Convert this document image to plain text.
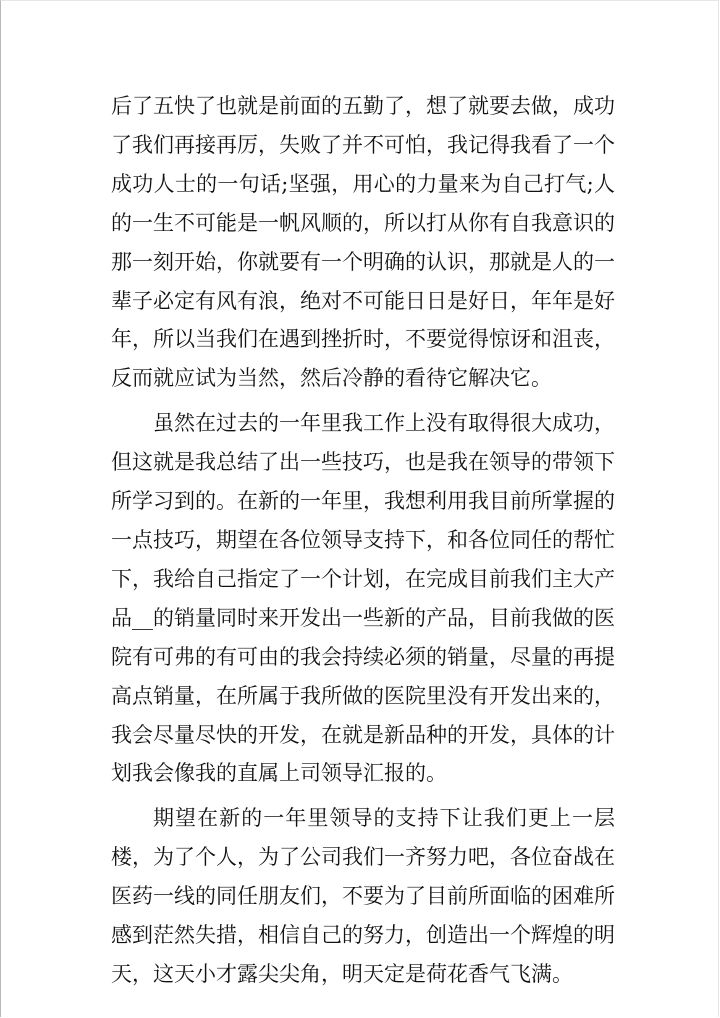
后了五快了也就是前面的五勤了，想了就要去做，成功了我们再接再厉，失败了并不可怕，我记得我看了一个成功人士的一句话;坚强，用心的力量来为自己打气;人的一生不可能是一帆风顺的，所以打从你有自我意识的那一刻开始，你就要有一个明确的认识，那就是人的一辈子必定有风有浪，绝对不可能日日是好日，年年是好年，所以当我们在遇到挫折时，不要觉得惊讶和沮丧，反而就应试为当然，然后冷静的看待它解决它。

虽然在过去的一年里我工作上没有取得很大成功，但这就是我总结了出一些技巧，也是我在领导的带领下所学习到的。在新的一年里，我想利用我目前所掌握的一点技巧，期望在各位领导支持下，和各位同任的帮忙下，我给自己指定了一个计划，在完成目前我们主大产品__的销量同时来开发出一些新的产品，目前我做的医院有可弗的有可由的我会持续必须的销量，尽量的再提高点销量，在所属于我所做的医院里没有开发出来的，我会尽量尽快的开发，在就是新品种的开发，具体的计划我会像我的直属上司领导汇报的。

期望在新的一年里领导的支持下让我们更上一层楼，为了个人，为了公司我们一齐努力吧，各位奋战在医药一线的同任朋友们，不要为了目前所面临的困难所感到茫然失措，相信自己的努力，创造出一个辉煌的明天，这天小才露尖尖角，明天定是荷花香气飞满。
